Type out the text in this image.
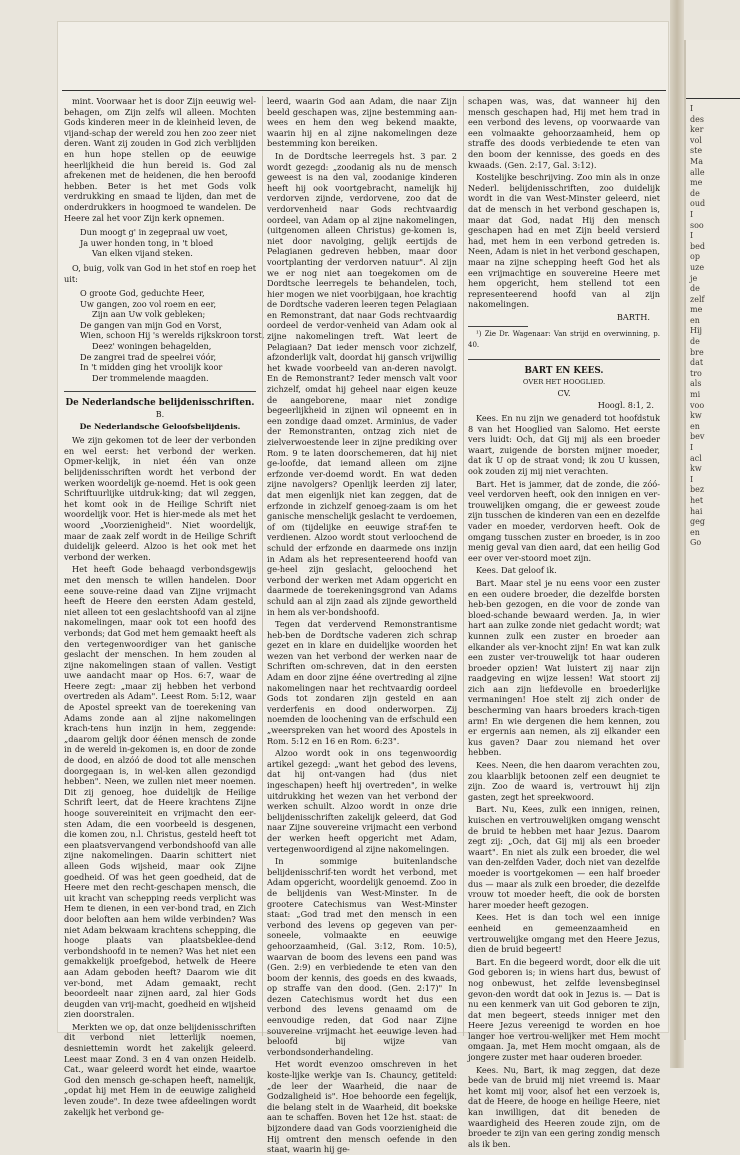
mint. Voorwaar het is door Zijn eeuwig wel-behagen, om Zijn zelfs wil alleen. Mochten Gods kinderen meer in de kleinheid leven, de vijand-schap der wereld zou hen zoo zeer niet deren. Want zij zouden in God zich verblijden en hun hope stellen op de eeuwige heerlijkheid die hun bereid is. God zal afrekenen met de heidenen, die hen beroofd hebben. Beter is het met Gods volk verdrukking en smaad te lijden, dan met de onderdrukkers in hoogmoed te wandelen. De Heere zal het voor Zijn kerk opnemen.

Dun moogt g' in zegepraal uw voet,
Ja uwer honden tong, in 't bloed
Van elken vijand steken.

O, buig, volk van God in het stof en roep het uit:

O groote God, geduchte Heer,
Uw gangen, zoo vol roem en eer,
Zijn aan Uw volk gebleken;
De gangen van mijn God en Vorst,
Wien, schoon Hij 's werelds rijkskroon torst,
Deez' woningen behagelden,
De zangrei trad de speelrei vóór,
In 't midden ging het vroolijk koor
Der trommelende maagden.
De Nederlandsche belijdenisschriften.
B.
De Nederlandsche Geloofsbelijdenis.

We zijn gekomen tot de leer der verbonden en wel eerst: het verbond der werken. Opmer-kelijk, in niet één van onze belijdenisschriften wordt het verbond der werken woordelijk ge-noemd. Het is ook geen Schriftuurlijke uitdruk-king; dat wil zeggen, het komt ook in de Heilige Schrift niet woordelijk voor. Het is hier-mede als met het woord „Voorzienigheid". Niet woordelijk, maar de zaak zelf wordt in de Heilige Schrift duidelijk geleerd. Alzoo is het ook met het verbond der werken.

Het heeft Gode behaagd verbondsgewijs met den mensch te willen handelen. Door eene souve-reine daad van Zijne vrijmacht heeft de Heere den eersten Adam gesteld, niet alleen tot een geslachtshoofd van al zijne nakomelingen, maar ook tot een hoofd des verbonds; dat God met hem gemaakt heeft als den vertegenwoordiger van het ganische geslacht der menschen. In hem zouden al zijne nakomelingen staan of vallen. Vestigt uwe aandacht maar op Hos. 6:7, waar de Heere zegt: „maar zij hebben het verbond overtreden als Adam". Leest Rom. 5:12, waar de Apostel spreekt van de toerekening van Adams zonde aan al zijne nakomelingen krach-tens hun inzijn in hem, zeggende: „daarom gelijk door éénen mensch de zonde in de wereld in-gekomen is, en door de zonde de dood, en alzóó de dood tot alle menschen doorgegaan is, in wel-ken allen gezondigd hebben". Neen, we zullen niet meer noemen. Dit zij genoeg, hoe duidelijk de Heilige Schrift leert, dat de Heere krachtens Zijne hooge souvereiniteit en vrijmacht den eer-sten Adam, die een voorbeeld is desgenen, die komen zou, n.l. Christus, gesteld heeft tot een plaatsvervangend verbondshoofd van alle zijne nakomelingen. Daarin schittert niet alleen Gods wijsheid, maar ook Zijne goedheid. Of was het geen goedheid, dat de Heere met den recht-geschapen mensch, die uit kracht van schepping reeds verplicht was Hem te dienen, in een ver-bond trad, en Zich door beloften aan hem wilde verbinden? Was niet Adam bekwaam krachtens schepping, die hooge plaats van plaatsbeklee-dend verbondshoofd in te nemen? Was het niet een gemakkelijk proefgebod, hetwelk de Heere aan Adam geboden heeft? Daarom wie dit ver-bond, met Adam gemaakt, recht beoordeelt naar zijnen aard, zal hier Gods deugden van vrij-macht, goedheid en wijsheid zien doorstralen.

Merkten we op, dat onze belijdenisschriften dit verbond niet letterlijk noemen, desniettemin wordt het zakelijk geleerd. Leest maar Zond. 3 en 4 van onzen Heidelb. Cat., waar geleerd wordt het einde, waartoe God den mensch ge-schapen heeft, namelijk, „opdat hij met Hem in de eeuwige zaligheid leven zoude". In deze twee afdeelingen wordt zakelijk het verbond ge-

leerd, waarin God aan Adam, die naar Zijn beeld geschapen was, zijne bestemming aan-wees en hem den weg bekend maakte, waarin hij en al zijne nakomelingen deze bestemming kon bereiken.

In de Dordtsche leerregels hst. 3 par. 2 wordt gezegd: „zoodanig als nu de mensch geweest is na den val, zoodanige kinderen heeft hij ook voortgebracht, namelijk hij verdorven zijnde, verdorvene, zoo dat de verdorvenheid naar Gods rechtvaardig oordeel, van Adam op al zijne nakomelingen, (uitgenomen alleen Christus) ge-komen is, niet door navolging, gelijk eertijds de Pelagianen gedreven hebben, maar door voortplanting der verdorven natuur". Al zijn we er nog niet aan toegekomen om de Dordtsche leerregels te behandelen, toch, hier mogen we niet voorbijgaan, hoe krachtig de Dordtsche vaderen leeren tegen Pelagiaan en Remonstrant, dat naar Gods rechtvaardig oordeel de verdor-venheid van Adam ook al zijne nakomelingen treft. Wat leert de Pelagiaan? Dat ieder mensch voor zichzelf, afzonderlijk valt, doordat hij gansch vrijwillig het kwade voorbeeld van an-deren navolgt. En de Remonstrant? Ieder mensch valt voor zichzelf, omdat hij geheel naar eigen keuze de aangeborene, maar niet zondige begeerlijkheid in zijnen wil opneemt en in een zondige daad omzet. Arminius, de vader der Remonstranten, ontzag zich niet de zielverwoestende leer in zijne prediking over Rom. 9 te laten doorschemeren, dat hij niet ge-loofde, dat iemand alleen om zijne erfzonde ver-doemd wordt. En wat deden zijne navolgers? Openlijk leerden zij later, dat men eigenlijk niet kan zeggen, dat de erfzonde in zichzelf genoeg-zaam is om het ganische menschelijk geslacht te verdoemen, of om (tijdelijke en eeuwige straf-fen te verdienen. Alzoo wordt stout verloochend de schuld der erfzonde en daarmede ons inzijn in Adam als het representeerend hoofd van ge-heel zijn geslacht, geloochend het verbond der werken met Adam opgericht en daarmede de toerekeningsgrond van Adams schuld aan al zijn zaad als zijnde gewortheld in hem als ver-bondshoofd.

Tegen dat verdervend Remonstrantisme heb-ben de Dordtsche vaderen zich schrap gezet en in klare en duidelijke woorden het wezen van het verbond der werken naar de Schriften om-schreven, dat in den eersten Adam en door zijne ééne overtreding al zijne nakomelingen naar het rechtvaardig oordeel Gods tot zondaren zijn gesteld en aan verderfenis en dood onderworpen. Zij noemden de loochening van de erfschuld een „weerspreken van het woord des Apostels in Rom. 5:12 en 16 en Rom. 6:23".

Alzoo wordt ook in ons tegenwoordig artikel gezegd: „want het gebod des levens, dat hij ont-vangen had (dus niet ingeschapen) heeft hij overtreden", in welke uitdrukking het wezen van het verbond der werken schuilt. Alzoo wordt in onze drie belijdenisschriften zakelijk geleerd, dat God naar Zijne souvereine vrijmacht een verbond der werken heeft opgericht met Adam, vertegenwoordigend al zijne nakomelingen.

In sommige buitenlandsche belijdenisschrif-ten wordt het verbond, met Adam opgericht, woordelijk genoemd. Zoo in de belijdenis van West-Minster. In de grootere Catechismus van West-Minster staat: „God trad met den mensch in een verbond des levens op gegeven van per-soneele, volmaakte en eeuwige gehoorzaamheid, (Gal. 3:12, Rom. 10:5), waarvan de boom des levens een pand was (Gen. 2:9) en verbiedende te eten van den boom der kennis, des goeds en des kwaads, op straffe van den dood. (Gen. 2:17)" In dezen Catechismus wordt het dus een verbond des levens genaamd om de eenvoudige reden, dat God naar Zijne souvereine vrijmacht het eeuwige leven had beloofd bij wijze van verbondsonderhandeling.

Het wordt evenzoo omschreven in het koste-lijke werkje van Is. Chauncy, getiteld: „de leer der Waarheid, die naar de Godzaligheid is". Hoe behoorde een fegelijk, die belang stelt in de Waarheid, dit boekske aan te schaffen. Boven het 12e hst. staat: de bijzondere daad van Gods voorzienigheid die Hij omtrent den mensch oefende in den staat, waarin hij ge-

schapen was, was, dat wanneer hij den mensch geschapen had, Hij met hem trad in een verbond des levens, op voorwaarde van een volmaakte gehoorzaamheid, hem op straffe des doods verbiedende te eten van den boom der kennisse, des goeds en des kwaads. (Gen. 2:17, Gal. 3:12).

Kostelijke beschrijving. Zoo min als in onze Nederl. belijdenisschriften, zoo duidelijk wordt in die van West-Minster geleerd, niet dat de mensch in het verbond geschapen is, maar dat God, nadat Hij den mensch geschapen had en met Zijn beeld versierd had, met hem in een verbond getreden is. Neen, Adam is niet in het verbond geschapen, maar na zijne schepping heeft God het als een vrijmachtige en souvereine Heere met hem opgericht, hem stellend tot een representeerend hoofd van al zijn nakomelingen.

BARTH.

¹) Zie Dr. Wagenaar: Van strijd en overwinning, p. 40.

BART EN KEES.
OVER HET HOOGLIED.
CV.
Hoogl. 8:1, 2.

Kees. En nu zijn we genaderd tot hoofdstuk 8 van het Hooglied van Salomo. Het eerste vers luidt: Och, dat Gij mij als een broeder waart, zuigende de borsten mijner moeder, dat ik U op de straat vond; ik zou U kussen, ook zouden zij mij niet verachten.

Bart. Het is jammer, dat de zonde, die zóó-veel verdorven heeft, ook den innigen en ver-trouwelijken omgang, die er geweest zoude zijn tusschen de kinderen van een en dezelfde vader en moeder, verdorven heeft. Ook de omgang tusschen zuster en broeder, is in zoo menig geval van dien aard, dat een heilig God eer over ver-stoord moet zijn.

Kees. Dat geloof ik.

Bart. Maar stel je nu eens voor een zuster en een oudere broeder, die dezelfde borsten heb-ben gezogen, en die voor de zonde van bloed-schande bewaard werden. Ja, in wier hart aan zulke zonde niet gedacht wordt; wat kunnen zulk een zuster en broeder aan elkander als ver-knocht zijn! En wat kan zulk een zuster ver-trouwelijk tot haar ouderen broeder opzien! Wat luistert zij naar zijn raadgeving en wijze lessen! Wat stoort zij zich aan zijn liefdevolle en broederlijke vermaningen! Hoe stelt zij zich onder de bescherming van haars broeders krach-tigen arm! En wie dergenen die hem kennen, zou er ergernis aan nemen, als zij elkander een kus gaven? Daar zou niemand het over hebben.

Kees. Neen, die hen daarom verachten zou, zou klaarblijk betoonen zelf een deugniet te zijn. Zoo de waard is, vertrouwt hij zijn gasten, zegt het spreekwoord.

Bart. Nu, Kees, zulk een innigen, reinen, kuischen en vertrouwelijken omgang wenscht de bruid te hebben met haar Jezus. Daarom zegt zij: „Och, dat Gij mij als een broeder waart". En niet als zulk een broeder, die wel van den-zelfden Vader, doch niet van dezelfde moeder is voortgekomen — een half broeder dus — maar als zulk een broeder, die dezelfde vrouw tot moeder heeft, die ook de borsten harer moeder heeft gezogen.

Kees. Het is dan toch wel een innige eenheid en gemeenzaamheid en vertrouwelijke omgang met den Heere Jezus, dien de bruid begeert!

Bart. En die begeerd wordt, door elk die uit God geboren is; in wiens hart dus, bewust of nog onbewust, het zelfde levensbeginsel gevon-den wordt dat ook in Jezus is. — Dat is nu een kenmerk van uit God geboren te zijn, dat men begeert, steeds inniger met den Heere Jezus vereenigd te worden en hoe langer hoe vertrou-welijker met Hem mocht omgaan. Ja, met Hem mocht omgaan, als de jongere zuster met haar ouderen broeder.

Kees. Nu, Bart, ik mag zeggen, dat deze bede van de bruid mij niet vreemd is. Maar het komt mij voor, alsof het een verzoek is, dat de Heere, de hooge en heilige Heere, niet kan inwilligen, dat dit beneden de waardigheid des Heeren zoude zijn, om de broeder te zijn van een gering zondig mensch als ik ben.

I
des
ker
vol
ste
Ma
alle
me
de
oud
I
soo
I
bed
op
uze
je
de
zelf
me
en
Hij
de
bre
dat
tro
als
mi
voo
kw
en
bev
I
acl
kw
I
bez
het
hai
geg
en
Go
